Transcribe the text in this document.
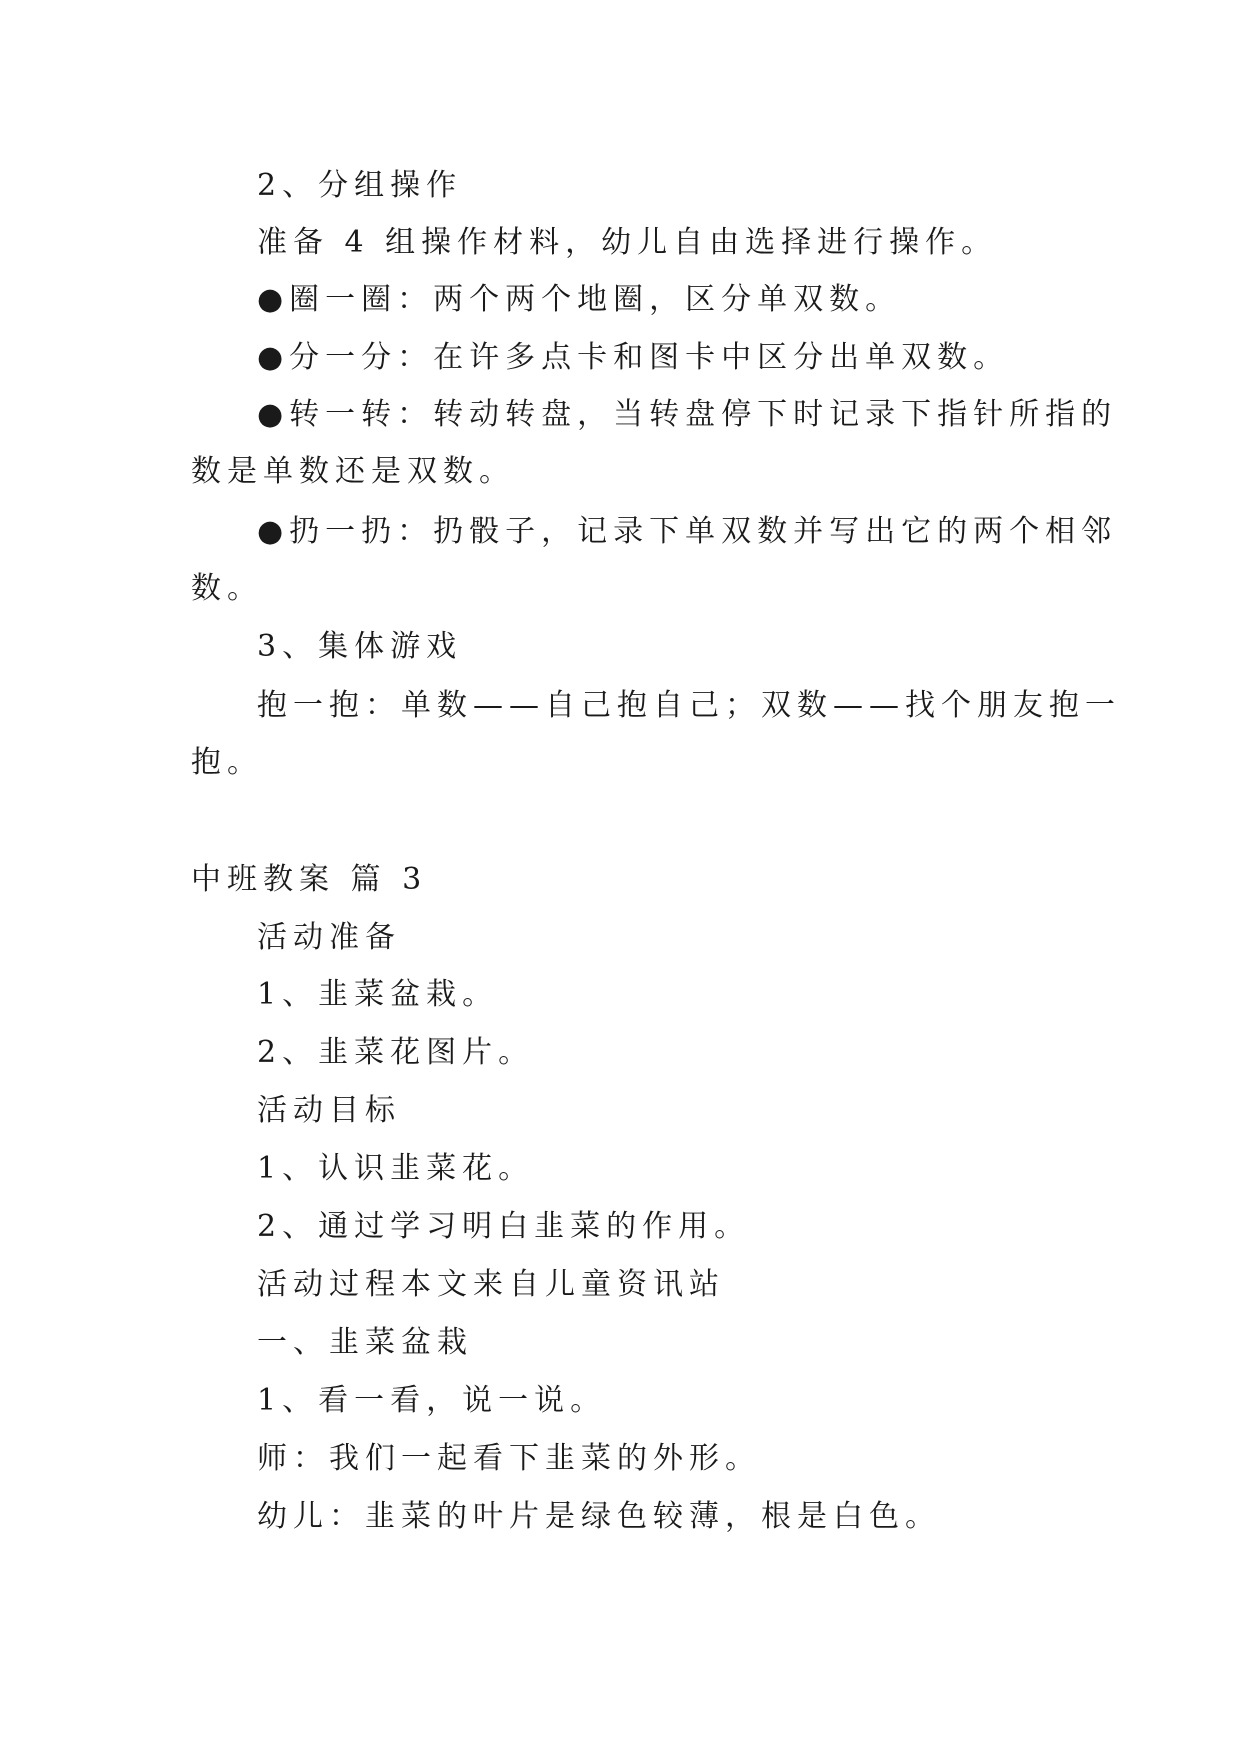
2、分组操作

准备 4 组操作材料，幼儿自由选择进行操作。

●圈一圈：两个两个地圈，区分单双数。

●分一分：在许多点卡和图卡中区分出单双数。

●转一转：转动转盘，当转盘停下时记录下指针所指的

数是单数还是双数。

●扔一扔：扔骰子，记录下单双数并写出它的两个相邻

数。

3、集体游戏

抱一抱：单数——自己抱自己；双数——找个朋友抱一

抱。

中班教案 篇 3

活动准备

1、韭菜盆栽。

2、韭菜花图片。

活动目标

1、认识韭菜花。

2、通过学习明白韭菜的作用。

活动过程本文来自儿童资讯站

一、韭菜盆栽

1、看一看，说一说。

师：我们一起看下韭菜的外形。

幼儿：韭菜的叶片是绿色较薄，根是白色。
